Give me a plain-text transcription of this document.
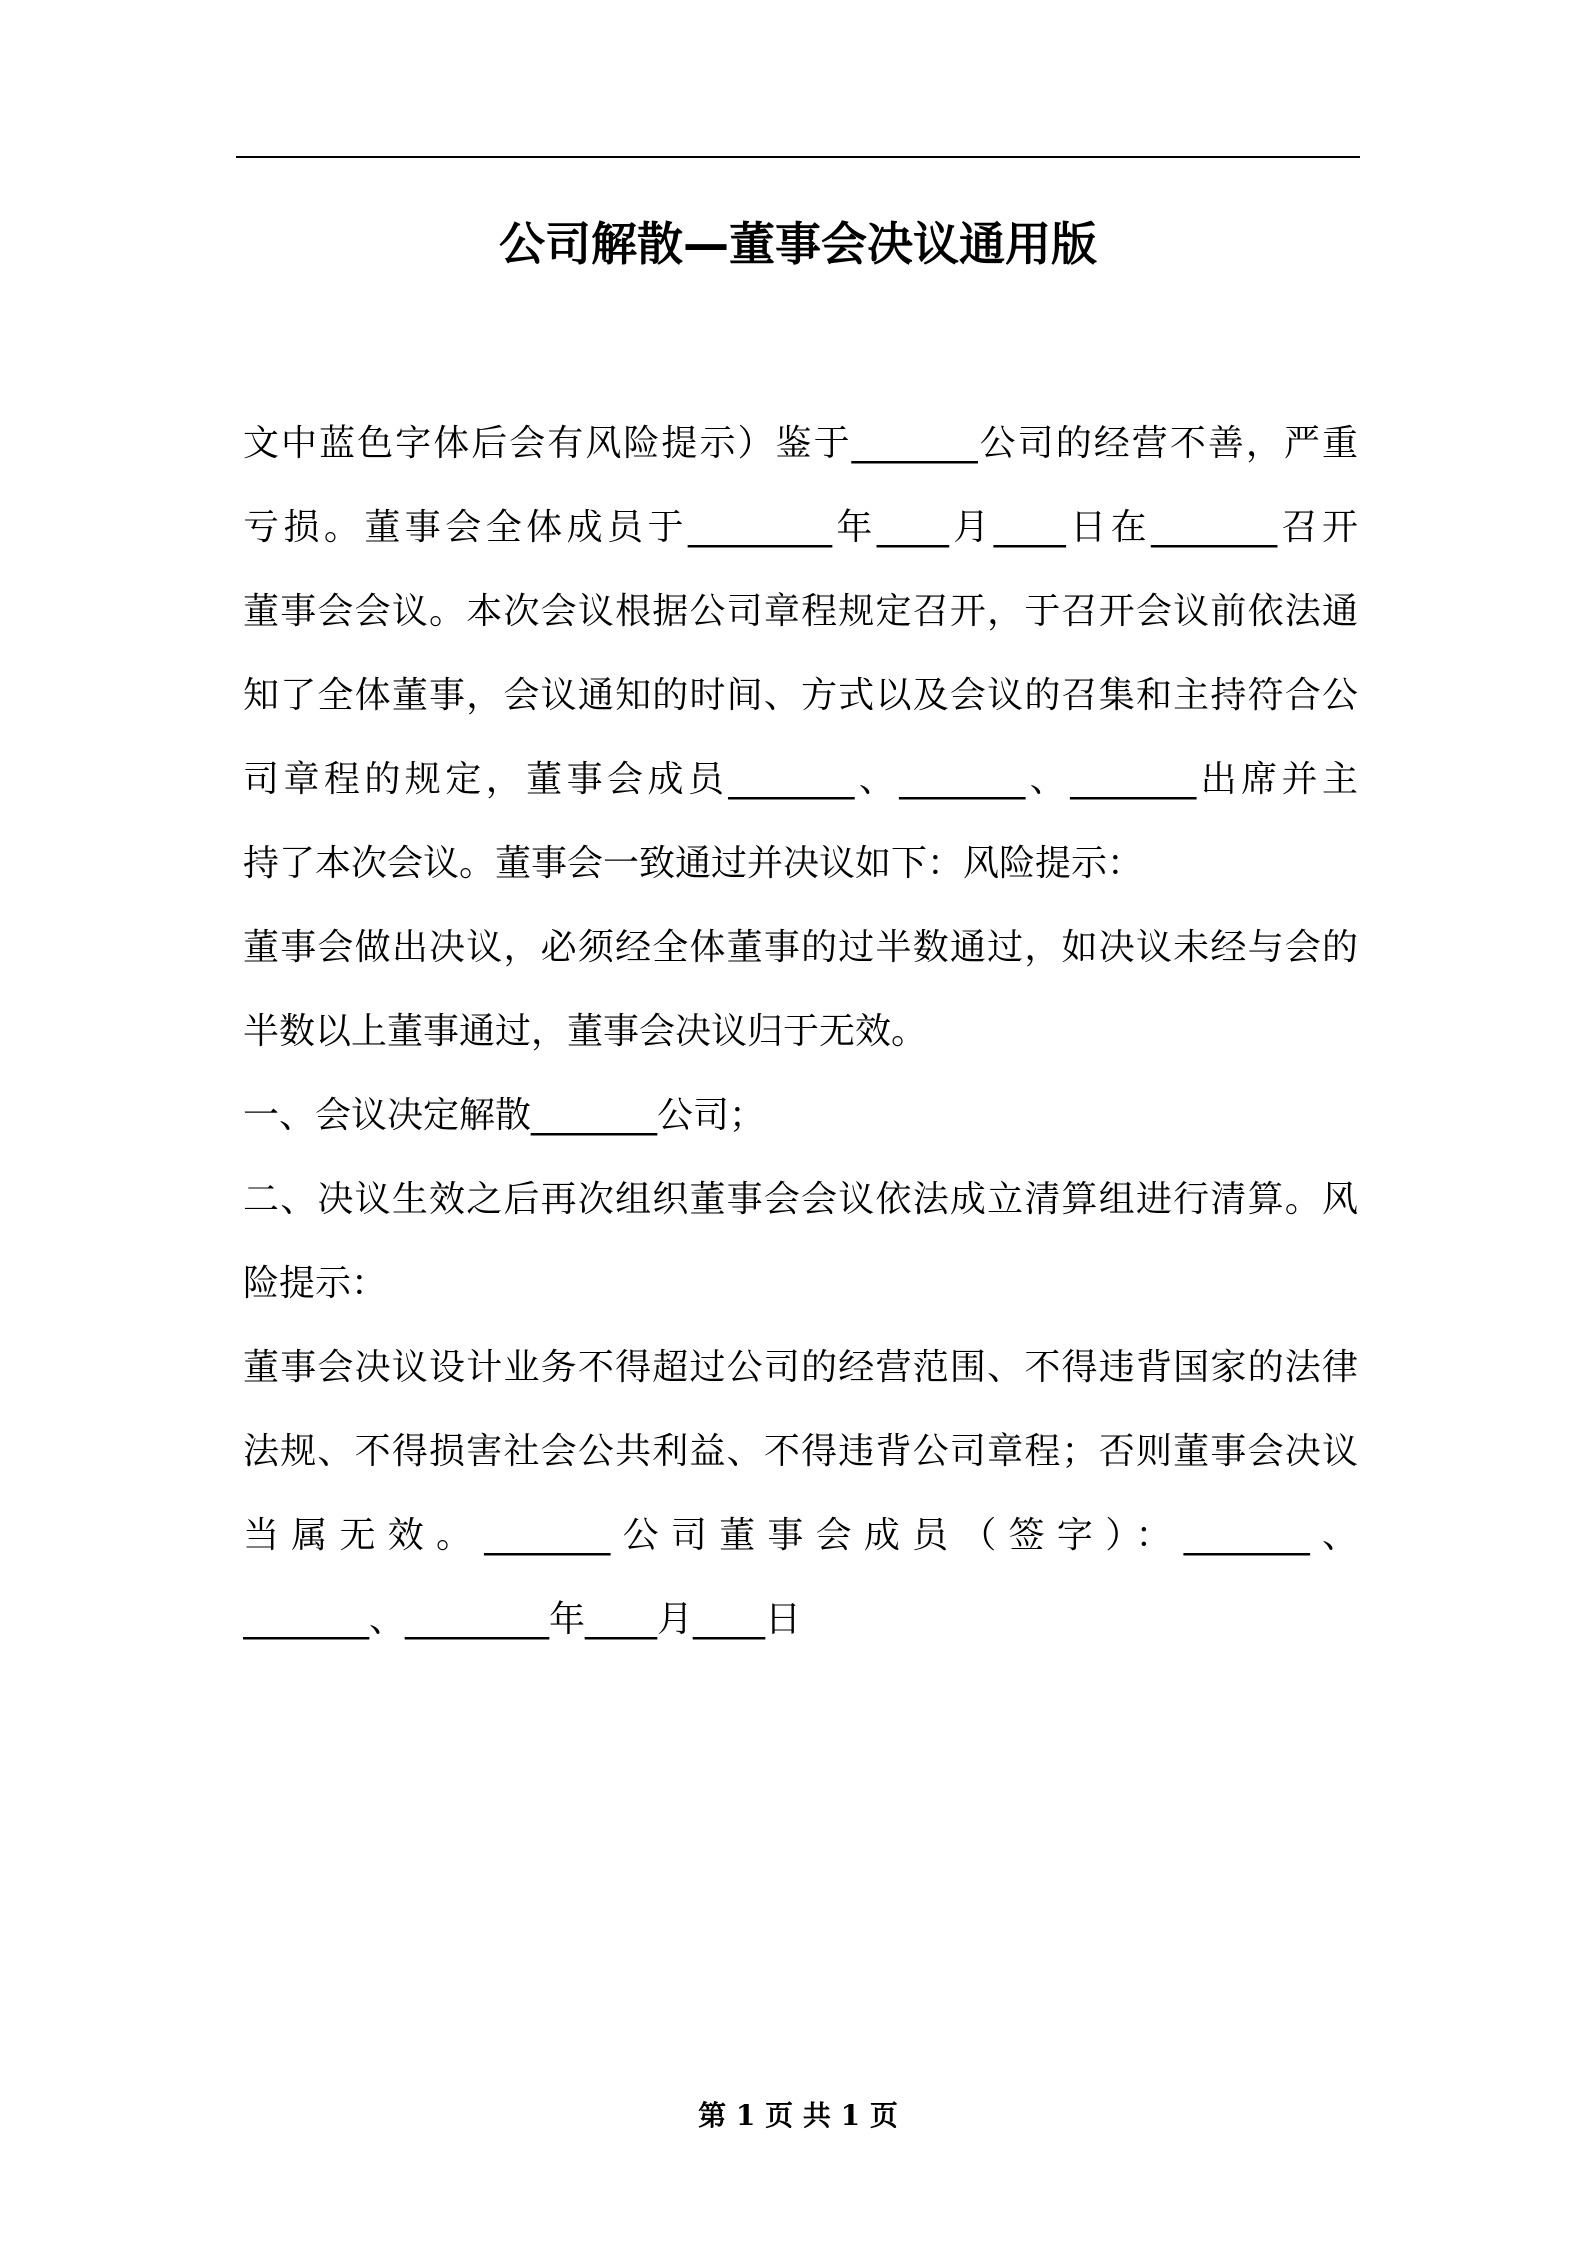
公司解散—董事会决议通用版
文中蓝色字体后会有风险提示）鉴于_______公司的经营不善，严重
亏损。董事会全体成员于________年____月____日在_______召开
董事会会议。本次会议根据公司章程规定召开，于召开会议前依法通
知了全体董事，会议通知的时间、方式以及会议的召集和主持符合公
司章程的规定，董事会成员_______、_______、_______出席并主
持了本次会议。董事会一致通过并决议如下：风险提示：
董事会做出决议，必须经全体董事的过半数通过，如决议未经与会的
半数以上董事通过，董事会决议归于无效。
一、会议决定解散_______公司；
二、决议生效之后再次组织董事会会议依法成立清算组进行清算。风
险提示：
董事会决议设计业务不得超过公司的经营范围、不得违背国家的法律
法规、不得损害社会公共利益、不得违背公司章程；否则董事会决议
当属无效。_______公司董事会成员（签字）：_______、
_______、________年____月____日
第 1 页 共 1 页
